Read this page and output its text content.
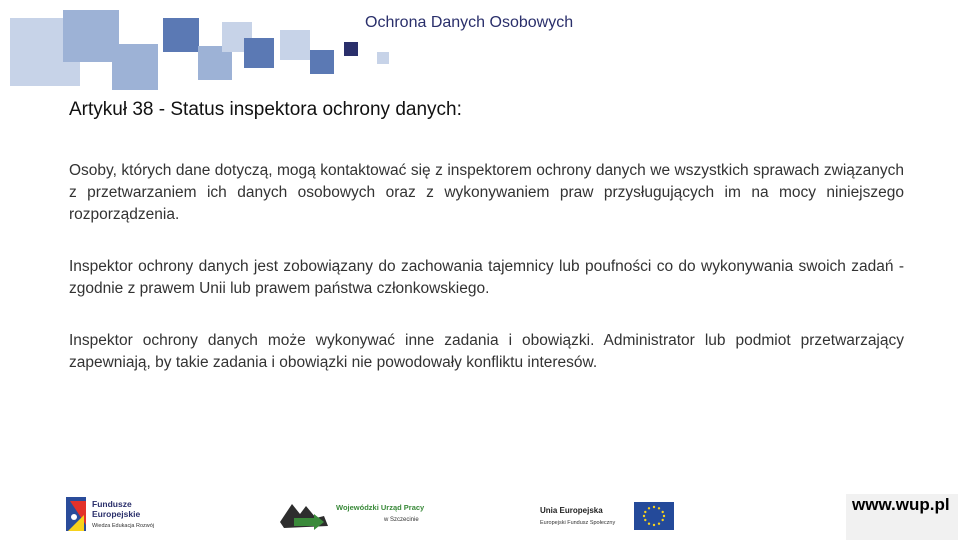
Ochrona Danych Osobowych
Artykuł 38 - Status inspektora ochrony danych:

Osoby, których dane dotyczą, mogą kontaktować się z inspektorem ochrony danych we wszystkich sprawach związanych z przetwarzaniem ich danych osobowych oraz z wykonywaniem praw przysługujących im na mocy niniejszego rozporządzenia.

Inspektor ochrony danych jest zobowiązany do zachowania tajemnicy lub poufności co do wykonywania swoich zadań - zgodnie z prawem Unii lub prawem państwa członkowskiego.

Inspektor ochrony danych może wykonywać inne zadania i obowiązki. Administrator lub podmiot przetwarzający zapewniają, by takie zadania i obowiązki nie powodowały konfliktu interesów.

Fundusze
Europejskie
Wiedza Edukacja Rozwój
Wojewódzki Urząd Pracy
w Szczecinie
Unia Europejska
Europejski Fundusz Społeczny
www.wup.pl
